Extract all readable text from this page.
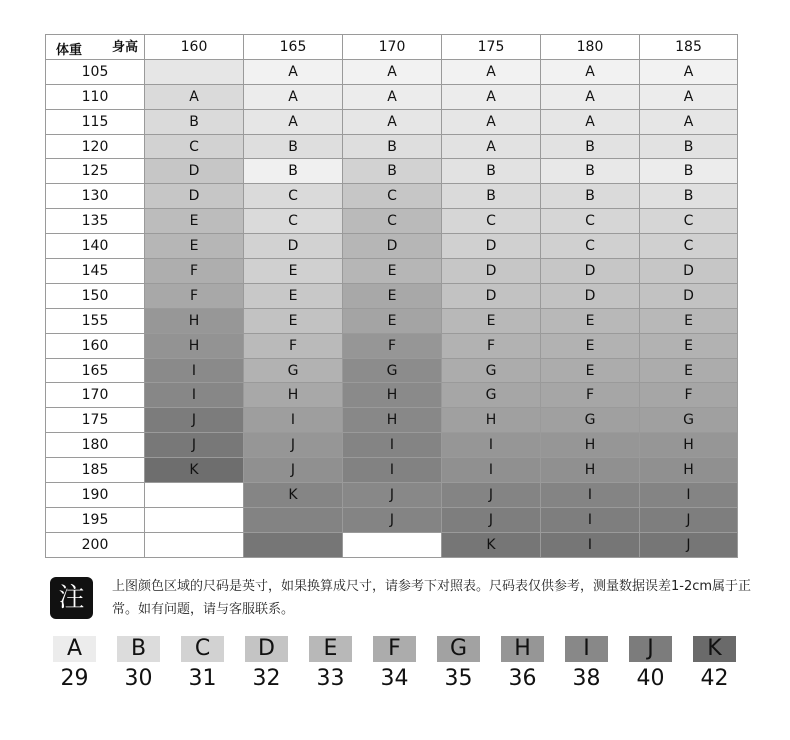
身高
体重	160	165	170	175	180	185
105		A	A	A	A	A
110	A	A	A	A	A	A
115	B	A	A	A	A	A
120	C	B	B	A	B	B
125	D	B	B	B	B	B
130	D	C	C	B	B	B
135	E	C	C	C	C	C
140	E	D	D	D	C	C
145	F	E	E	D	D	D
150	F	E	E	D	D	D
155	H	E	E	E	E	E
160	H	F	F	F	E	E
165	I	G	G	G	E	E
170	I	H	H	G	F	F
175	J	I	H	H	G	G
180	J	J	I	I	H	H
185	K	J	I	I	H	H
190		K	J	J	I	I
195			J	J	I	J
200				K	I	J
注	上图颜色区域的尺码是英寸，如果换算成尺寸，请参考下对照表。尺码表仅供参考，测量数据误差1-2cm属于正常。如有问题，请与客服联系。
A
29
B
30
C
31
D
32
E
33
F
34
G
35
H
36
I
38
J
40
K
42
